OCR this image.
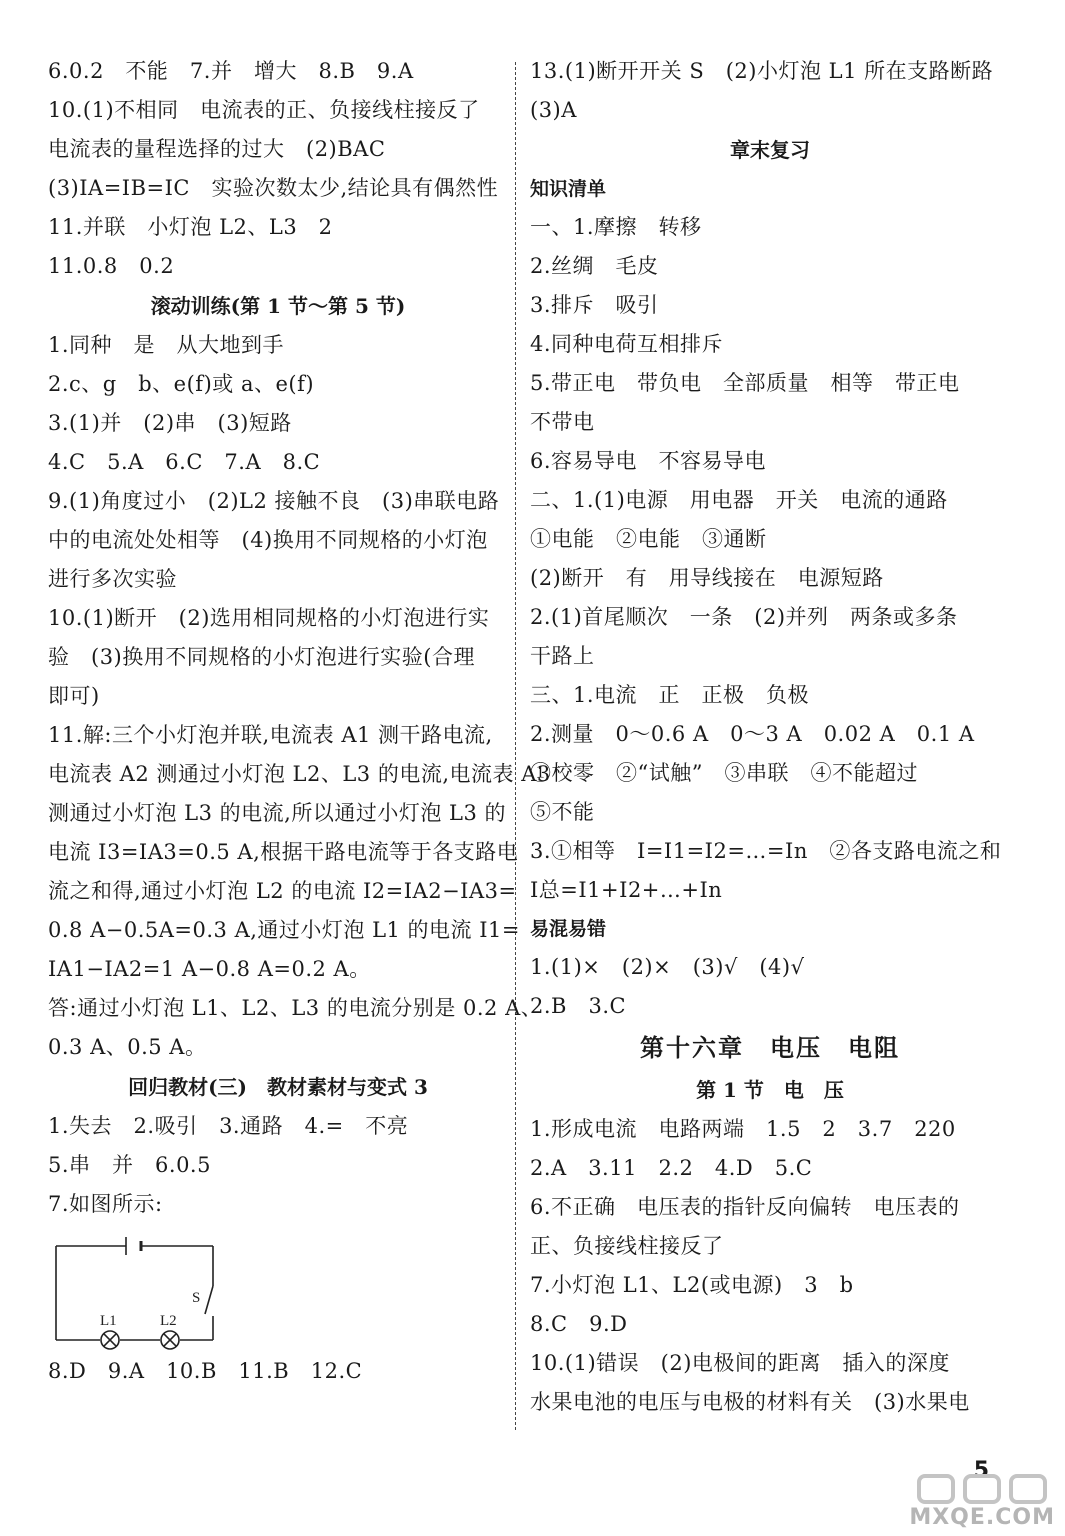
6.0.2　不能　7.并　增大　8.B　9.A
10.(1)不相同　电流表的正、负接线柱接反了
电流表的量程选择的过大　(2)BAC
(3)IA=IB=IC　实验次数太少,结论具有偶然性
11.并联　小灯泡 L2、L3　2
11.0.8　0.2
滚动训练(第 1 节～第 5 节)
1.同种　是　从大地到手
2.c、g　b、e(f)或 a、e(f)
3.(1)并　(2)串　(3)短路
4.C　5.A　6.C　7.A　8.C
9.(1)角度过小　(2)L2 接触不良　(3)串联电路
中的电流处处相等　(4)换用不同规格的小灯泡
进行多次实验
10.(1)断开　(2)选用相同规格的小灯泡进行实
验　(3)换用不同规格的小灯泡进行实验(合理
即可)
11.解:三个小灯泡并联,电流表 A1 测干路电流,
电流表 A2 测通过小灯泡 L2、L3 的电流,电流表 A3
测通过小灯泡 L3 的电流,所以通过小灯泡 L3 的
电流 I3=IA3=0.5 A,根据干路电流等于各支路电
流之和得,通过小灯泡 L2 的电流 I2=IA2−IA3=
0.8 A−0.5A=0.3 A,通过小灯泡 L1 的电流 I1=
IA1−IA2=1 A−0.8 A=0.2 A。
答:通过小灯泡 L1、L2、L3 的电流分别是 0.2 A、
0.3 A、0.5 A。
回归教材(三)　教材素材与变式 3
1.失去　2.吸引　3.通路　4.=　不亮
5.串　并　6.0.5
7.如图所示:
S
L1	L2
8.D　9.A　10.B　11.B　12.C
13.(1)断开开关 S　(2)小灯泡 L1 所在支路断路
(3)A
章末复习
知识清单
一、1.摩擦　转移
2.丝绸　毛皮
3.排斥　吸引
4.同种电荷互相排斥
5.带正电　带负电　全部质量　相等　带正电
不带电
6.容易导电　不容易导电
二、1.(1)电源　用电器　开关　电流的通路
①电能　②电能　③通断
(2)断开　有　用导线接在　电源短路
2.(1)首尾顺次　一条　(2)并列　两条或多条
干路上
三、1.电流　正　正极　负极
2.测量　0～0.6 A　0～3 A　0.02 A　0.1 A
①校零　②“试触”　③串联　④不能超过
⑤不能
3.①相等　I=I1=I2=…=In　②各支路电流之和
I总=I1+I2+…+In
易混易错
1.(1)×　(2)×　(3)√　(4)√
2.B　3.C
第十六章　电压　电阻
第 1 节　电　压
1.形成电流　电路两端　1.5　2　3.7　220
2.A　3.11　2.2　4.D　5.C
6.不正确　电压表的指针反向偏转　电压表的
正、负接线柱接反了
7.小灯泡 L1、L2(或电源)　3　b
8.C　9.D
10.(1)错误　(2)电极间的距离　插入的深度
水果电池的电压与电极的材料有关　(3)水果电
5
MXQE.COM
